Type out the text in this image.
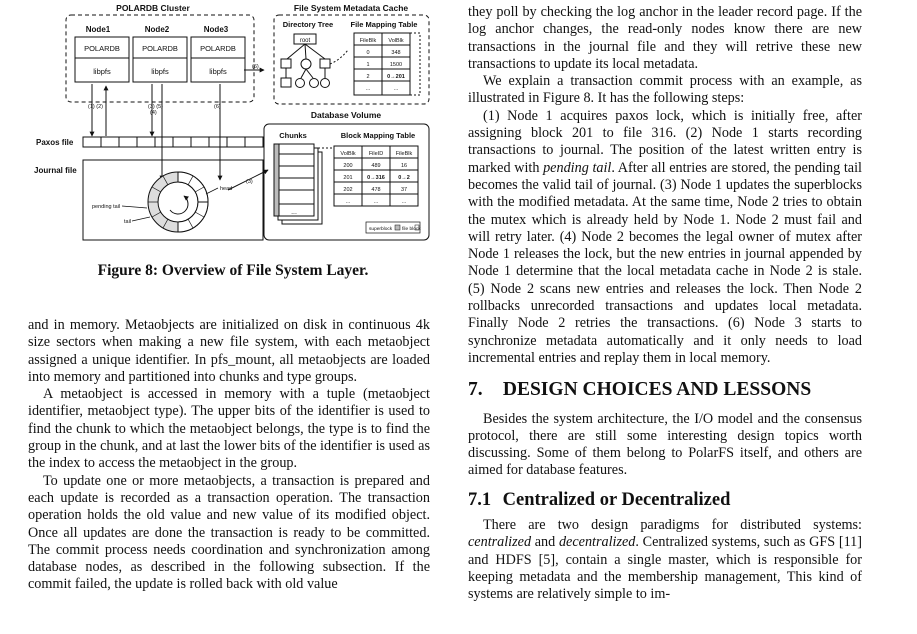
POLARDB Cluster
Node1	Node2	Node3
POLARDB
libpfs
POLARDB
libpfs
POLARDB
libpfs
(1) (2)	(3) (5)
(4)
(6)
(6)
(3)
Paxos file
Journal file
pending tail
tail
head
File System Metadata Cache
Directory Tree File Mapping Table
root	FileBlk VolBlk
0	348
1	1500
2	0→201
...	...
Database Volume
Chunks	Block Mapping Table
...
VolBlk FileID FileBlk
200	489	16
201	0→316 0→2
202	478	37
...	...	...
superblock file block
Figure 8: Overview of File System Layer.

and in memory. Metaobjects are initialized on disk in continuous 4k size sectors when making a new file system, with each metaobject assigned a unique identifier. In pfs_mount, all metaobjects are loaded into memory and partitioned into chunks and type groups.

A metaobject is accessed in memory with a tuple (metaobject identifier, metaobject type). The upper bits of the identifier is used to find the chunk to which the metaobject belongs, the type is to find the group in the chunk, and at last the lower bits of the identifier is used as the index to access the metaobject in the group.

To update one or more metaobjects, a transaction is prepared and each update is recorded as a transaction operation. The transaction operation holds the old value and new value of its modified object. Once all updates are done the transaction is ready to be committed. The commit process needs coordination and synchronization among database nodes, as described in the following subsection. If the commit failed, the update is rolled back with old value

they poll by checking the log anchor in the leader record page. If the log anchor changes, the read-only nodes know there are new transactions in the journal file and they will retrive these new transactions to update its local metadata.

We explain a transaction commit process with an example, as illustrated in Figure 8. It has the following steps:

(1) Node 1 acquires paxos lock, which is initially free, after assigning block 201 to file 316. (2) Node 1 starts recording transactions to journal. The position of the latest written entry is marked with pending tail. After all entries are stored, the pending tail becomes the valid tail of journal. (3) Node 1 updates the superblocks with the modified metadata. At the same time, Node 2 tries to obtain the mutex which is already held by Node 1. Node 2 must fail and will retry later. (4) Node 2 becomes the legal owner of mutex after Node 1 releases the lock, but the new entries in journal appended by Node 1 determine that the local metadata cache in Node 2 is stale. (5) Node 2 scans new entries and releases the lock. Then Node 2 rollbacks unrecorded transactions and updates local metadata. Finally Node 2 retries the transactions. (6) Node 3 starts to synchronize metadata automatically and it only needs to load incremental entries and replay them in local memory.

7. DESIGN CHOICES AND LESSONS

Besides the system architecture, the I/O model and the consensus protocol, there are still some interesting design topics worth discussing. Some of them belong to PolarFS itself, and others are aimed for database features.

7.1 Centralized or Decentralized

There are two design paradigms for distributed systems: centralized and decentralized. Centralized systems, such as GFS [11] and HDFS [5], contain a single master, which is responsible for keeping metadata and the membership management, This kind of systems are relatively simple to im-
